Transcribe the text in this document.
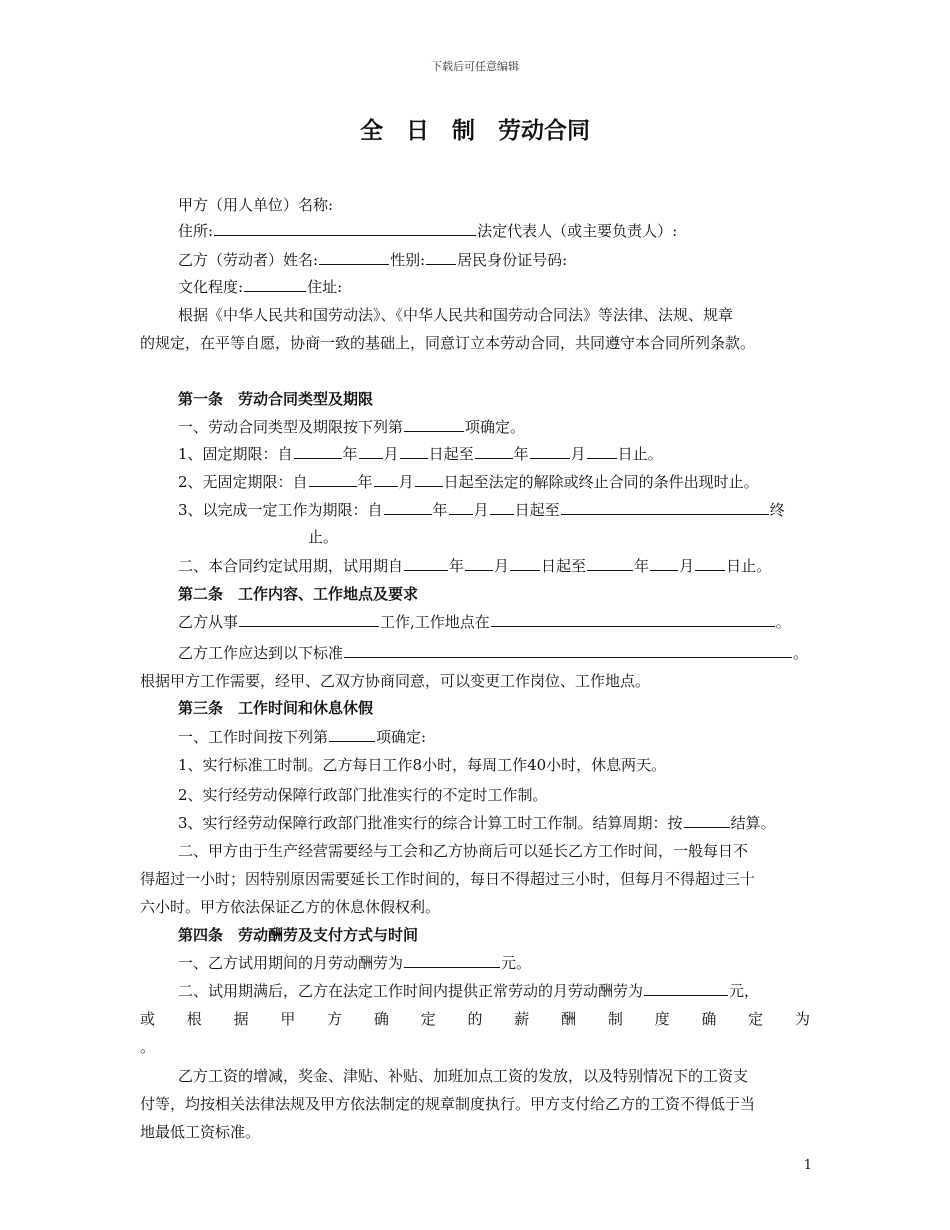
下载后可任意编辑
全　日　制　劳动合同
甲方（用人单位）名称:
住所:	法定代表人（或主要负责人）:
乙方（劳动者）姓名:	性别: 居民身份证号码:
文化程度:	住址:
根据《中华人民共和国劳动法》、《中华人民共和国劳动合同法》等法律、法规、规章
的规定，在平等自愿，协商一致的基础上，同意订立本劳动合同，共同遵守本合同所列条款。
第一条　劳动合同类型及期限
一、劳动合同类型及期限按下列第	项确定。
1、固定期限：自	年 月 日起至	年	月 日止。
2、无固定期限：自	年 月 日起至法定的解除或终止合同的条件出现时止。
3、以完成一定工作为期限：自	年 月 日起至	终
止。
二、本合同约定试用期，试用期自	年 月 日起至	年 月 日止。
第二条　工作内容、工作地点及要求
乙方从事	工作,工作地点在	。
乙方工作应达到以下标准	。
根据甲方工作需要，经甲、乙双方协商同意，可以变更工作岗位、工作地点。
第三条　工作时间和休息休假
一、工作时间按下列第	项确定:
1、实行标准工时制。乙方每日工作8小时，每周工作40小时，休息两天。
2、实行经劳动保障行政部门批准实行的不定时工作制。
3、实行经劳动保障行政部门批准实行的综合计算工时工作制。结算周期：按	结算。
二、甲方由于生产经营需要经与工会和乙方协商后可以延长乙方工作时间，一般每日不
得超过一小时；因特别原因需要延长工作时间的，每日不得超过三小时，但每月不得超过三十
六小时。甲方依法保证乙方的休息休假权利。
第四条　劳动酬劳及支付方式与时间
一、乙方试用期间的月劳动酬劳为	元。
二、试用期满后，乙方在法定工作时间内提供正常劳动的月劳动酬劳为	元，
或 根 据 甲 方 确 定 的 薪 酬 制 度 确 定 为
。
乙方工资的增减，奖金、津贴、补贴、加班加点工资的发放，以及特别情况下的工资支
付等，均按相关法律法规及甲方依法制定的规章制度执行。甲方支付给乙方的工资不得低于当
地最低工资标准。
1
